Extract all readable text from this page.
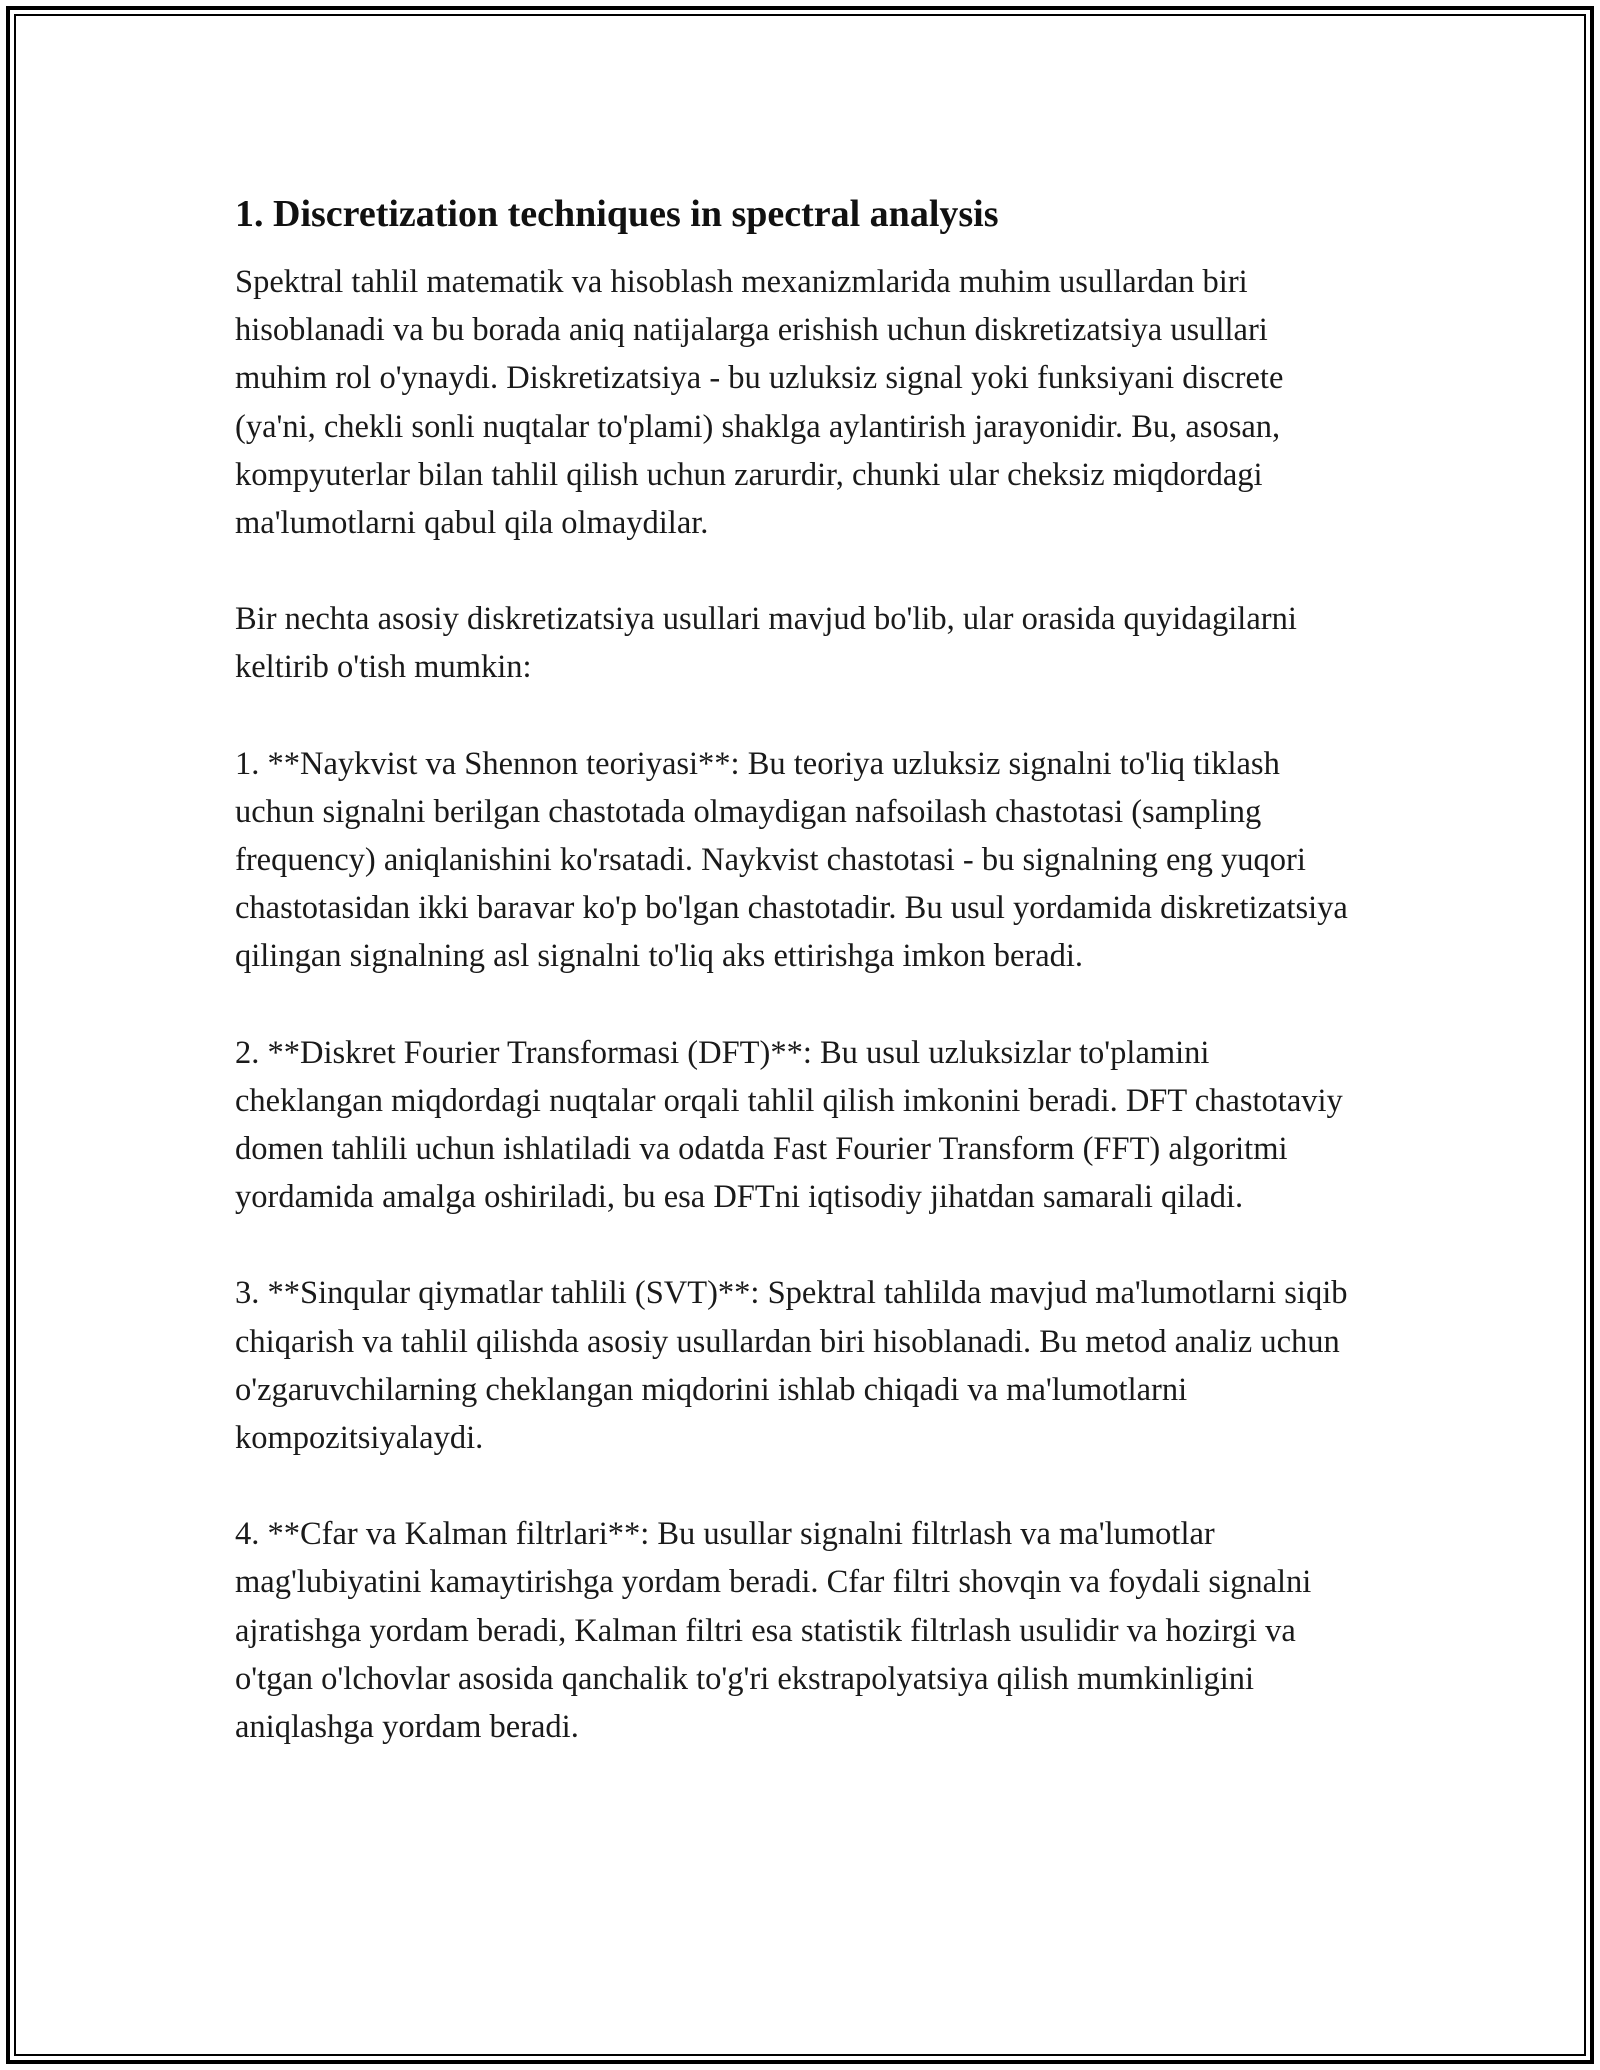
1. Discretization techniques in spectral analysis

Spektral tahlil matematik va hisoblash mexanizmlarida muhim usullardan biri hisoblanadi va bu borada aniq natijalarga erishish uchun diskretizatsiya usullari muhim rol o'ynaydi. Diskretizatsiya - bu uzluksiz signal yoki funksiyani discrete (ya'ni, chekli sonli nuqtalar to'plami) shaklga aylantirish jarayonidir. Bu, asosan, kompyuterlar bilan tahlil qilish uchun zarurdir, chunki ular cheksiz miqdordagi ma'lumotlarni qabul qila olmaydilar.

Bir nechta asosiy diskretizatsiya usullari mavjud bo'lib, ular orasida quyidagilarni keltirib o'tish mumkin:

1. **Naykvist va Shennon teoriyasi**: Bu teoriya uzluksiz signalni to'liq tiklash uchun signalni berilgan chastotada olmaydigan nafsoilash chastotasi (sampling frequency) aniqlanishini ko'rsatadi. Naykvist chastotasi - bu signalning eng yuqori chastotasidan ikki baravar ko'p bo'lgan chastotadir. Bu usul yordamida diskretizatsiya qilingan signalning asl signalni to'liq aks ettirishga imkon beradi.

2. **Diskret Fourier Transformasi (DFT)**: Bu usul uzluksizlar to'plamini cheklangan miqdordagi nuqtalar orqali tahlil qilish imkonini beradi. DFT chastotaviy domen tahlili uchun ishlatiladi va odatda Fast Fourier Transform (FFT) algoritmi yordamida amalga oshiriladi, bu esa DFTni iqtisodiy jihatdan samarali qiladi.

3. **Sinqular qiymatlar tahlili (SVT)**: Spektral tahlilda mavjud ma'lumotlarni siqib chiqarish va tahlil qilishda asosiy usullardan biri hisoblanadi. Bu metod analiz uchun o'zgaruvchilarning cheklangan miqdorini ishlab chiqadi va ma'lumotlarni kompozitsiyalaydi.

4. **Cfar va Kalman filtrlari**: Bu usullar signalni filtrlash va ma'lumotlar mag'lubiyatini kamaytirishga yordam beradi. Cfar filtri shovqin va foydali signalni ajratishga yordam beradi, Kalman filtri esa statistik filtrlash usulidir va hozirgi va o'tgan o'lchovlar asosida qanchalik to'g'ri ekstrapolyatsiya qilish mumkinligini aniqlashga yordam beradi.
